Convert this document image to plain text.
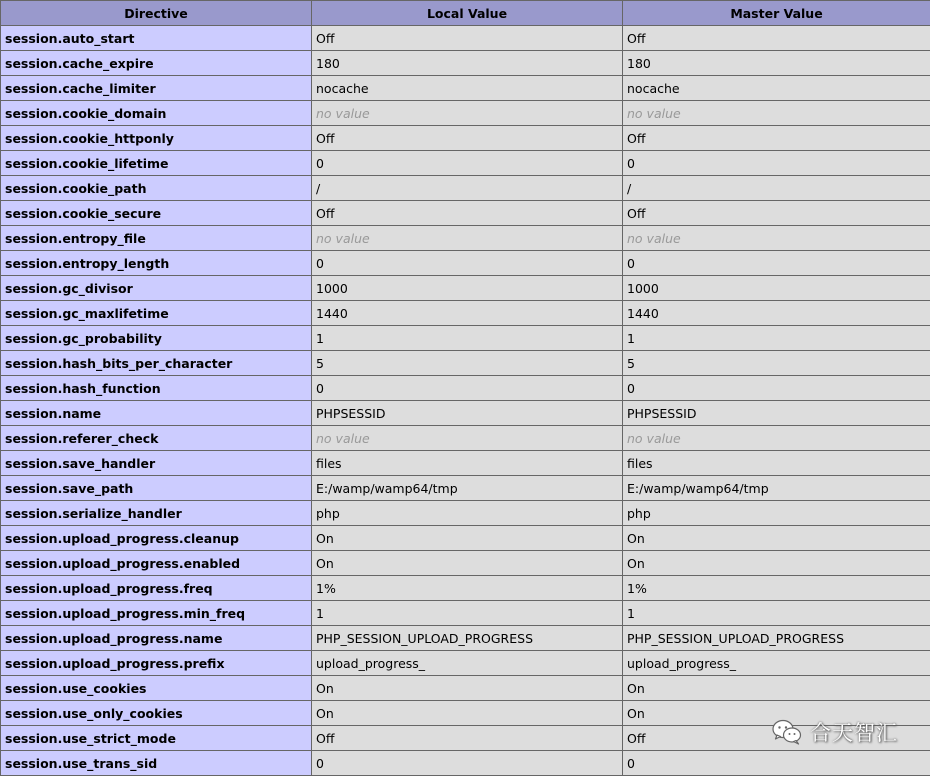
Directive	Local Value	Master Value
session.auto_start	Off	Off
session.cache_expire	180	180
session.cache_limiter	nocache	nocache
session.cookie_domain	no value	no value
session.cookie_httponly	Off	Off
session.cookie_lifetime	0	0
session.cookie_path	/	/
session.cookie_secure	Off	Off
session.entropy_file	no value	no value
session.entropy_length	0	0
session.gc_divisor	1000	1000
session.gc_maxlifetime	1440	1440
session.gc_probability	1	1
session.hash_bits_per_character	5	5
session.hash_function	0	0
session.name	PHPSESSID	PHPSESSID
session.referer_check	no value	no value
session.save_handler	files	files
session.save_path	E:/wamp/wamp64/tmp	E:/wamp/wamp64/tmp
session.serialize_handler	php	php
session.upload_progress.cleanup	On	On
session.upload_progress.enabled	On	On
session.upload_progress.freq	1%	1%
session.upload_progress.min_freq	1	1
session.upload_progress.name	PHP_SESSION_UPLOAD_PROGRESS	PHP_SESSION_UPLOAD_PROGRESS
session.upload_progress.prefix	upload_progress_	upload_progress_
session.use_cookies	On	On
session.use_only_cookies	On	On
session.use_strict_mode	Off	Off
session.use_trans_sid	0	0
合天智汇
